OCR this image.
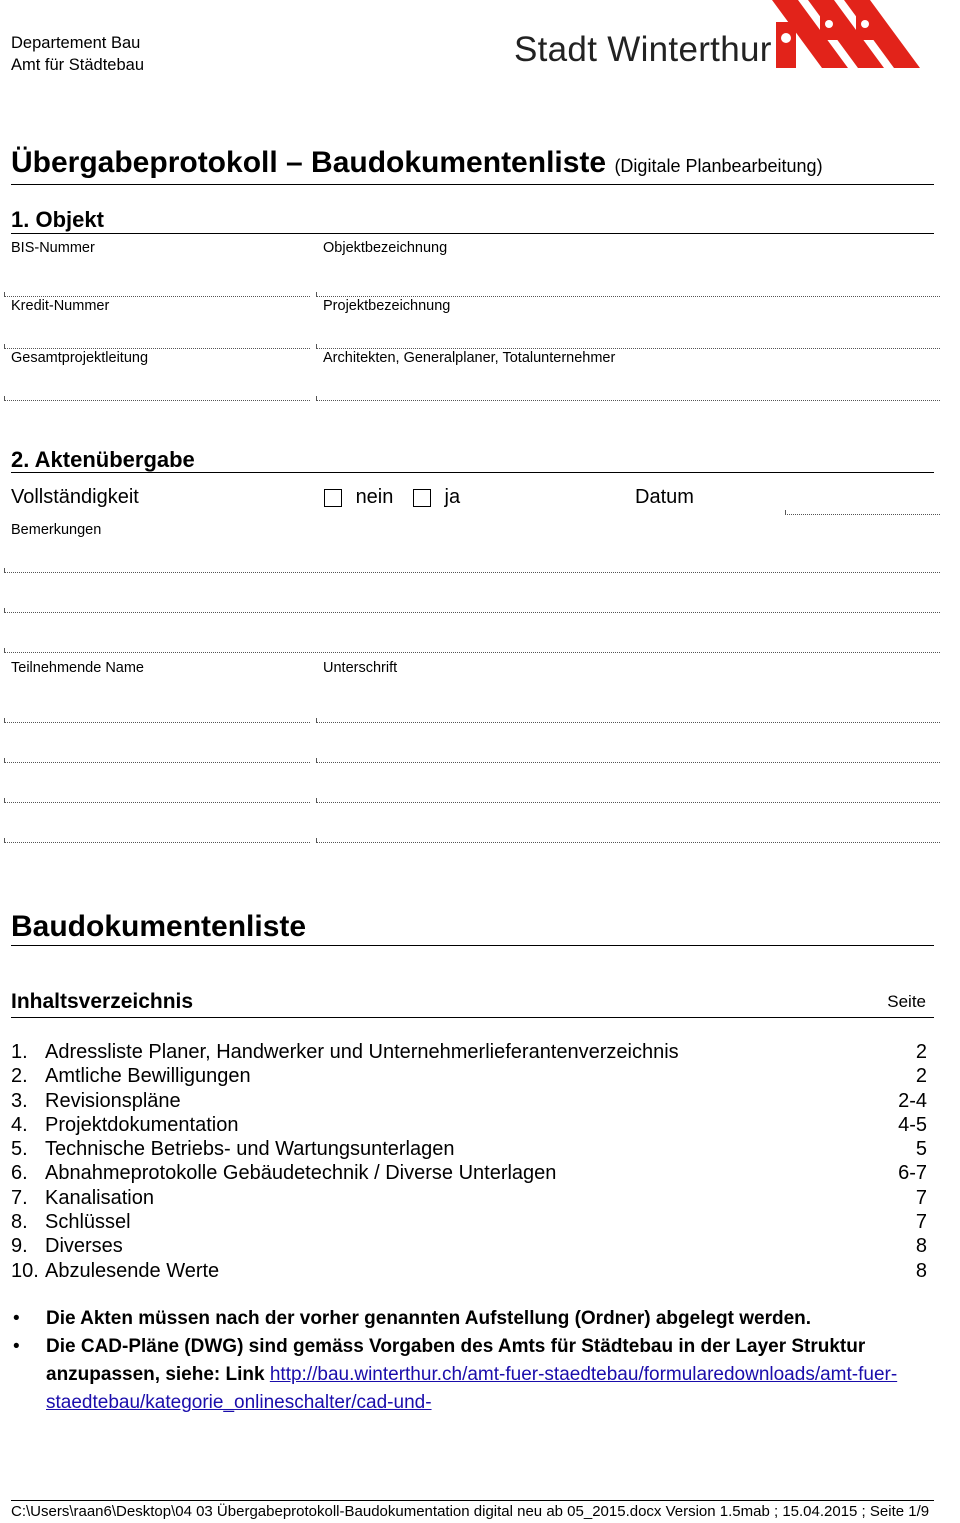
Departement Bau
Amt für Städtebau	Stadt Winterthur
Übergabeprotokoll – Baudokumentenliste (Digitale Planbearbeitung)
1. Objekt
BIS-Nummer	Objektbezeichnung
Kredit-Nummer	Projektbezeichnung
Gesamtprojektleitung	Architekten, Generalplaner, Totalunternehmer
2. Aktenübergabe
Vollständigkeit	nein	ja	Datum
Bemerkungen
Teilnehmende Name	Unterschrift
Baudokumentenliste
Inhaltsverzeichnis	Seite
1. Adressliste Planer, Handwerker und Unternehmerlieferantenverzeichnis	2
2. Amtliche Bewilligungen	2
3. Revisionspläne	2-4
4. Projektdokumentation	4-5
5. Technische Betriebs- und Wartungsunterlagen	5
6. Abnahmeprotokolle Gebäudetechnik / Diverse Unterlagen	6-7
7. Kanalisation	7
8. Schlüssel	7
9. Diverses	8
10. Abzulesende Werte	8
• Die Akten müssen nach der vorher genannten Aufstellung (Ordner) abgelegt werden.
• Die CAD-Pläne (DWG) sind gemäss Vorgaben des Amts für Städtebau in der Layer Struktur anzupassen, siehe: Link http://bau.winterthur.ch/amt-fuer-staedtebau/formularedownloads/amt-fuer-staedtebau/kategorie_onlineschalter/cad-und-
C:\Users\raan6\Desktop\04 03 Übergabeprotokoll-Baudokumentation digital neu ab 05_2015.docx Version 1.5mab ; 15.04.2015 ; Seite 1/9
